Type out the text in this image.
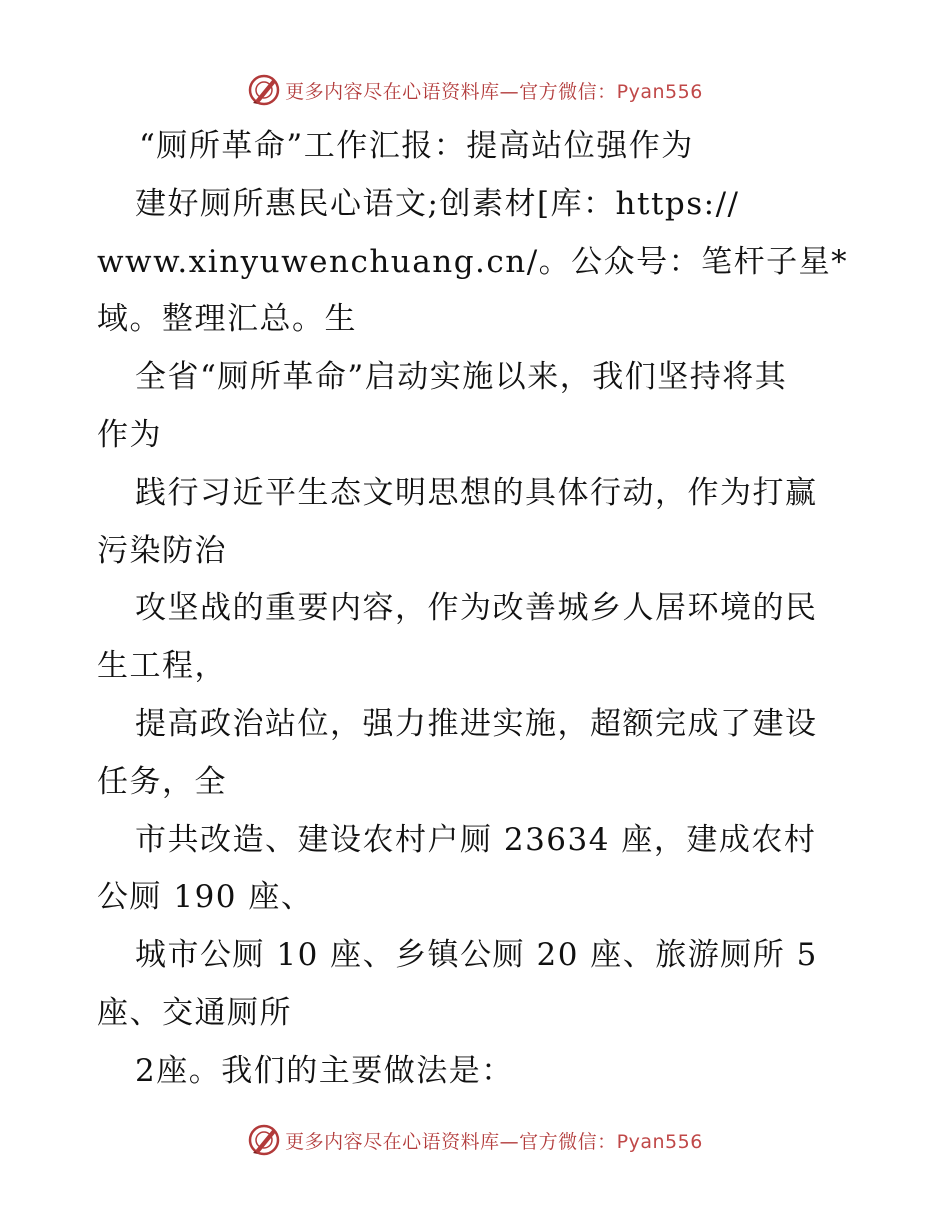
更多内容尽在心语资料库—官方微信：Pyan556
“厕所革命”工作汇报：提高站位强作为
建好厕所惠民心语文;创素材[库：https://
www.xinyuwenchuang.cn/。公众号：笔杆子星*
域。整理汇总。生
全省“厕所革命”启动实施以来，我们坚持将其
作为
践行习近平生态文明思想的具体行动，作为打赢
污染防治
攻坚战的重要内容，作为改善城乡人居环境的民
生工程，
提高政治站位，强力推进实施，超额完成了建设
任务，全
市共改造、建设农村户厕 23634 座，建成农村
公厕 190 座、
城市公厕 10 座、乡镇公厕 20 座、旅游厕所 5
座、交通厕所
2座。我们的主要做法是：
更多内容尽在心语资料库—官方微信：Pyan556
